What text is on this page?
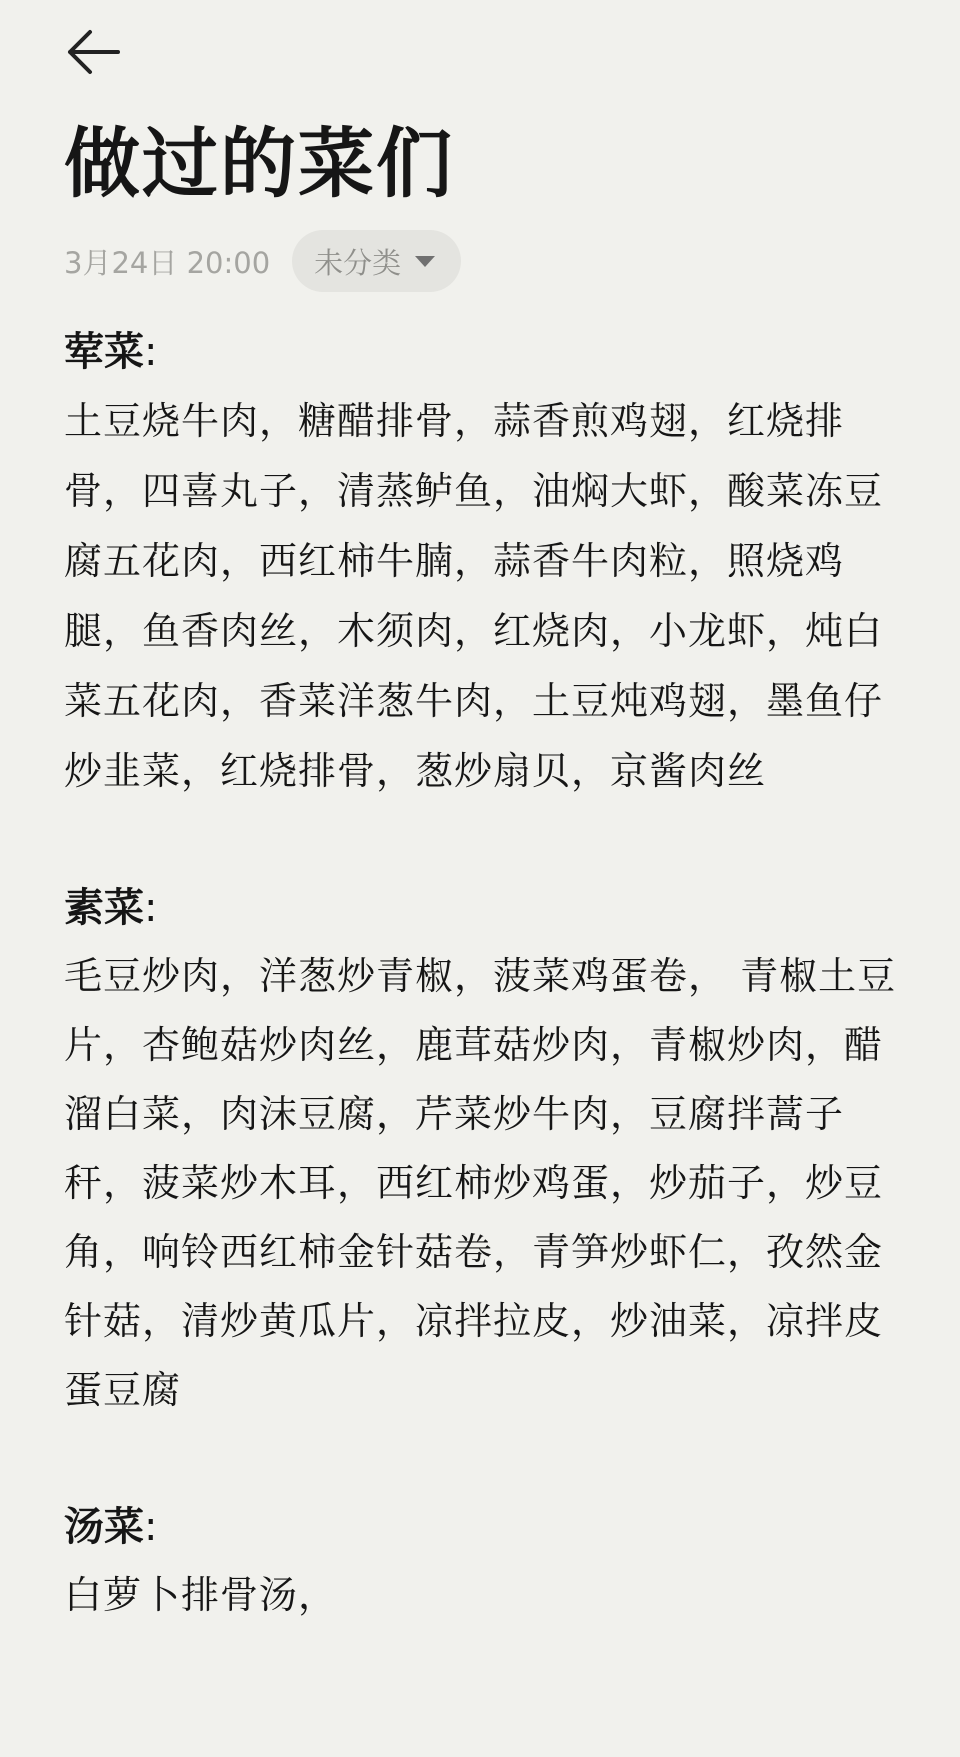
做过的菜们
3月24日 20:00 未分类
荤菜:
土豆烧牛肉，糖醋排骨，蒜香煎鸡翅，红烧排骨，四喜丸子，清蒸鲈鱼，油焖大虾，酸菜冻豆腐五花肉，西红柿牛腩，蒜香牛肉粒，照烧鸡腿，鱼香肉丝，木须肉，红烧肉，小龙虾，炖白菜五花肉，香菜洋葱牛肉，土豆炖鸡翅，墨鱼仔炒韭菜，红烧排骨，葱炒扇贝，京酱肉丝
素菜:
毛豆炒肉，洋葱炒青椒，菠菜鸡蛋卷， 青椒土豆片，杏鲍菇炒肉丝，鹿茸菇炒肉，青椒炒肉，醋溜白菜，肉沫豆腐，芹菜炒牛肉，豆腐拌蒿子秆，菠菜炒木耳，西红柿炒鸡蛋，炒茄子，炒豆角，响铃西红柿金针菇卷，青笋炒虾仁，孜然金针菇，清炒黄瓜片，凉拌拉皮，炒油菜，凉拌皮蛋豆腐
汤菜:
白萝卜排骨汤，
